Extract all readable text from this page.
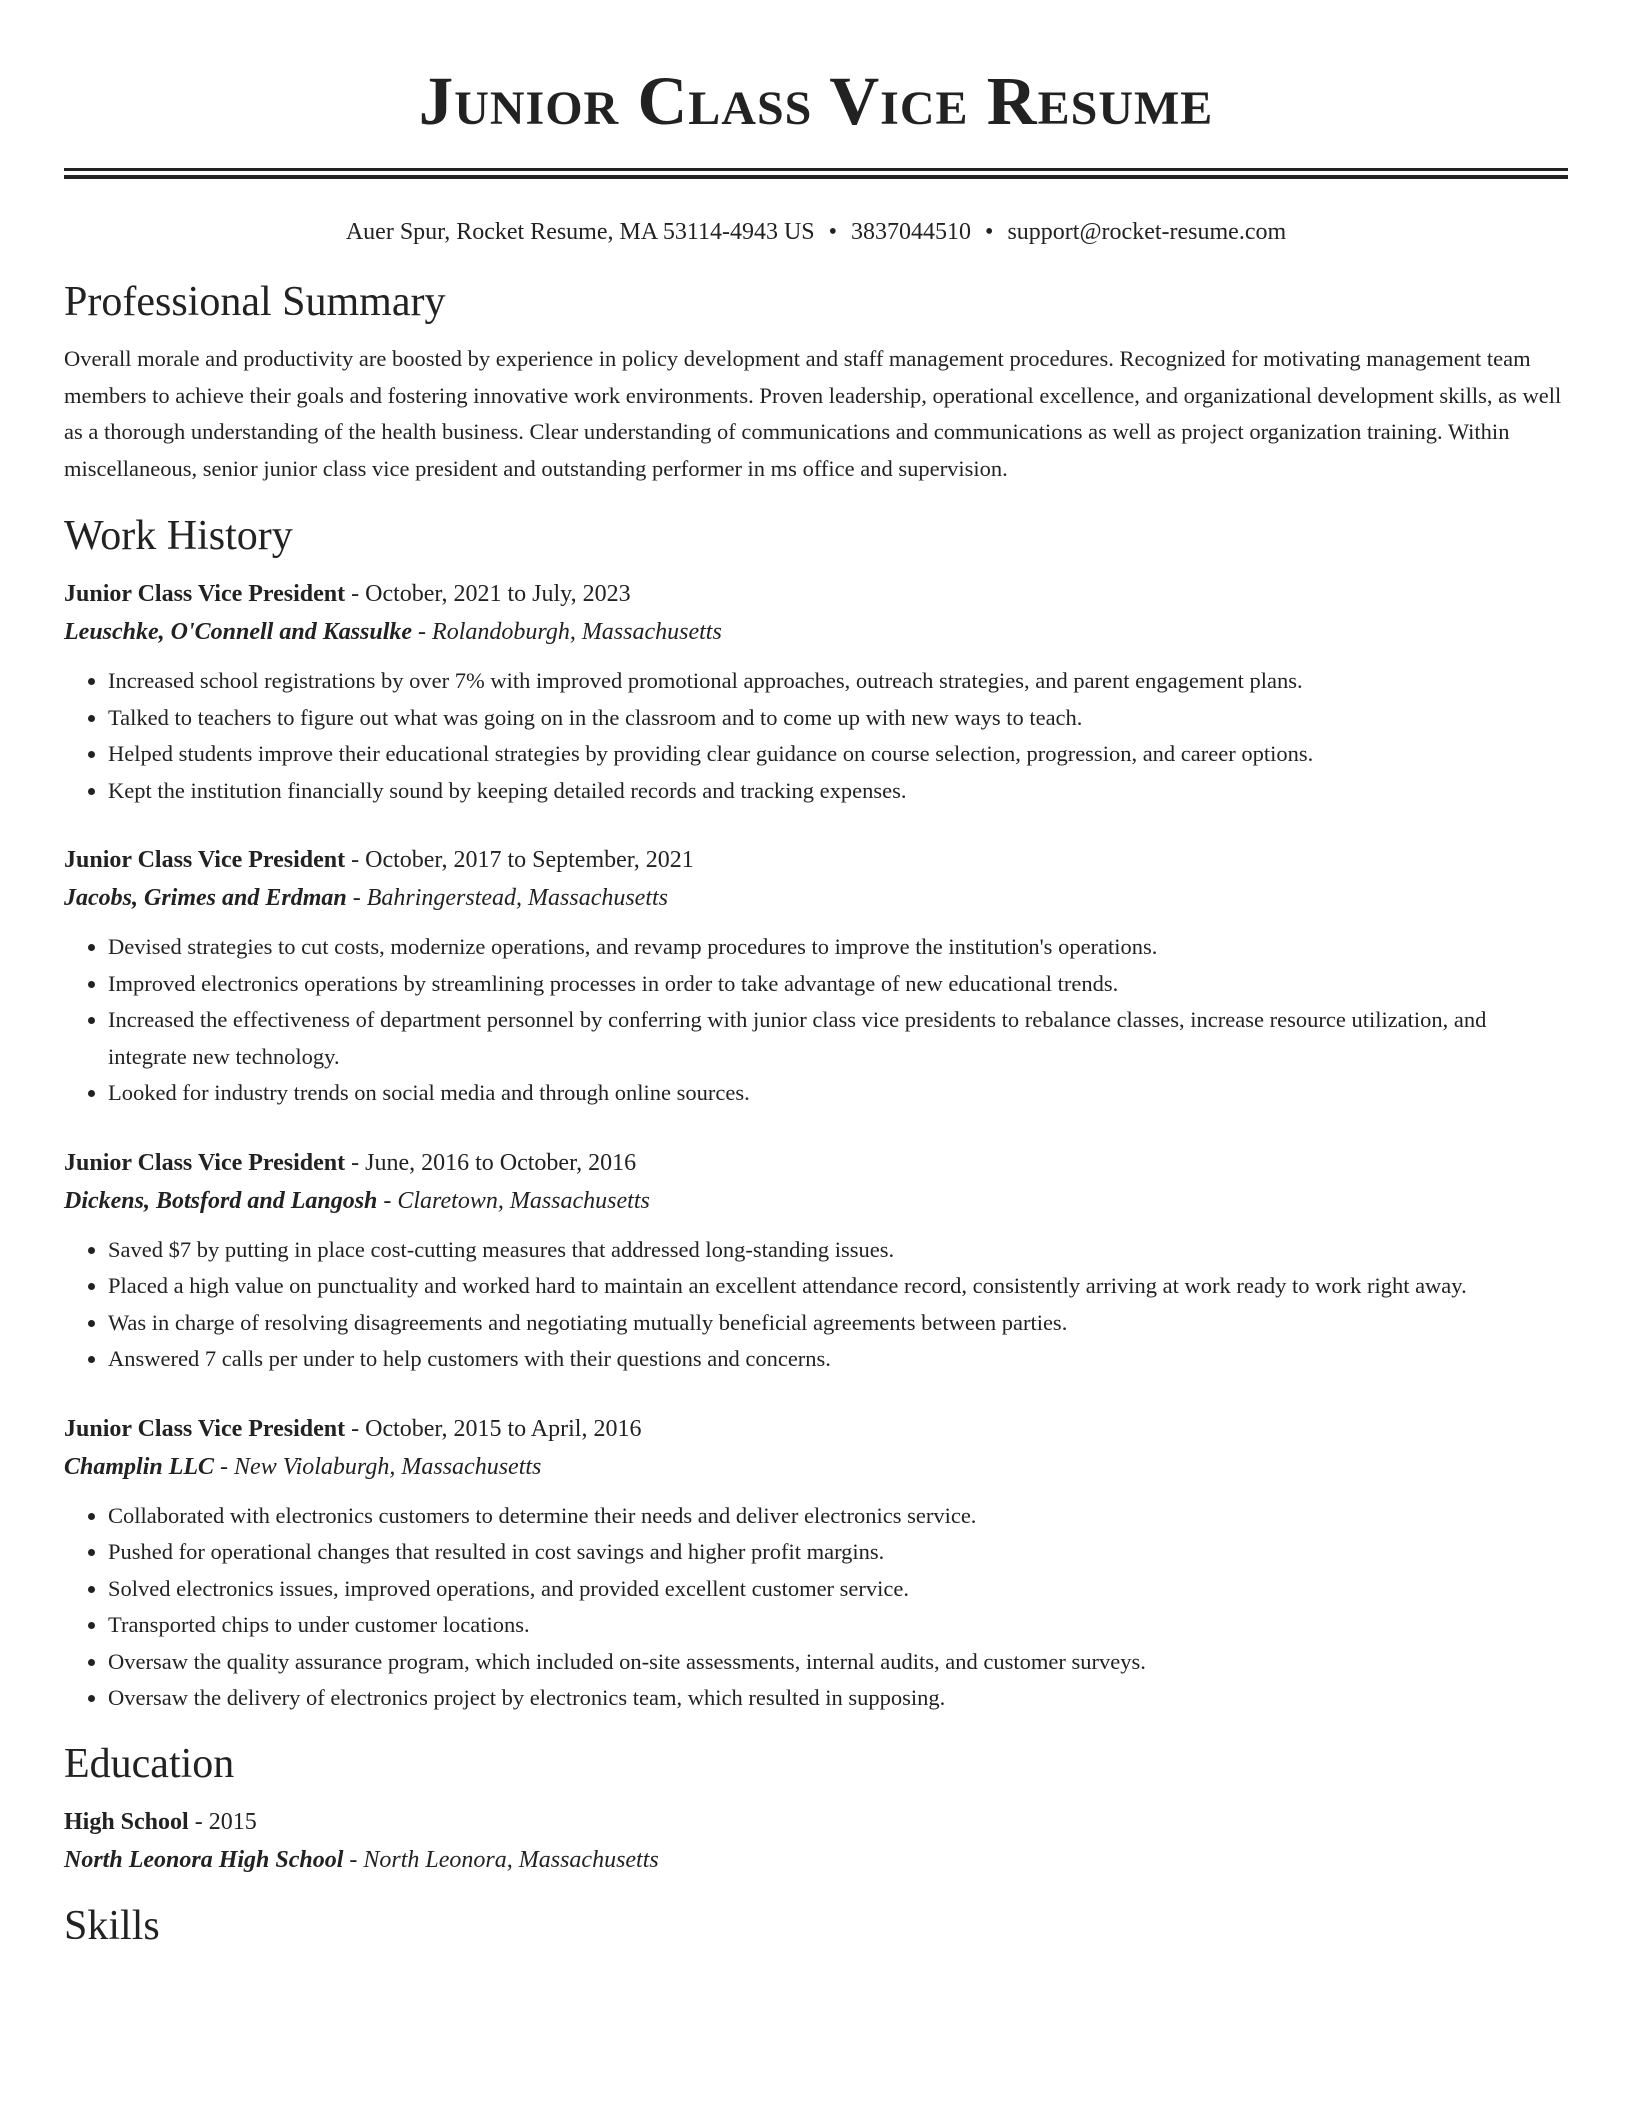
Junior Class Vice Resume
Auer Spur, Rocket Resume, MA 53114-4943 US • 3837044510 • support@rocket-resume.com
Professional Summary

Overall morale and productivity are boosted by experience in policy development and staff management procedures. Recognized for motivating management team members to achieve their goals and fostering innovative work environments. Proven leadership, operational excellence, and organizational development skills, as well as a thorough understanding of the health business. Clear understanding of communications and communications as well as project organization training. Within miscellaneous, senior junior class vice president and outstanding performer in ms office and supervision.

Work History
Junior Class Vice President - October, 2021 to July, 2023
Leuschke, O'Connell and Kassulke - Rolandoburgh, Massachusetts
• Increased school registrations by over 7% with improved promotional approaches, outreach strategies, and parent engagement plans.
• Talked to teachers to figure out what was going on in the classroom and to come up with new ways to teach.
• Helped students improve their educational strategies by providing clear guidance on course selection, progression, and career options.
• Kept the institution financially sound by keeping detailed records and tracking expenses.
Junior Class Vice President - October, 2017 to September, 2021
Jacobs, Grimes and Erdman - Bahringerstead, Massachusetts
• Devised strategies to cut costs, modernize operations, and revamp procedures to improve the institution's operations.
• Improved electronics operations by streamlining processes in order to take advantage of new educational trends.
• Increased the effectiveness of department personnel by conferring with junior class vice presidents to rebalance classes, increase resource utilization, and integrate new technology.
• Looked for industry trends on social media and through online sources.
Junior Class Vice President - June, 2016 to October, 2016
Dickens, Botsford and Langosh - Claretown, Massachusetts
• Saved $7 by putting in place cost-cutting measures that addressed long-standing issues.
• Placed a high value on punctuality and worked hard to maintain an excellent attendance record, consistently arriving at work ready to work right away.
• Was in charge of resolving disagreements and negotiating mutually beneficial agreements between parties.
• Answered 7 calls per under to help customers with their questions and concerns.
Junior Class Vice President - October, 2015 to April, 2016
Champlin LLC - New Violaburgh, Massachusetts
• Collaborated with electronics customers to determine their needs and deliver electronics service.
• Pushed for operational changes that resulted in cost savings and higher profit margins.
• Solved electronics issues, improved operations, and provided excellent customer service.
• Transported chips to under customer locations.
• Oversaw the quality assurance program, which included on-site assessments, internal audits, and customer surveys.
• Oversaw the delivery of electronics project by electronics team, which resulted in supposing.
Education
High School - 2015
North Leonora High School - North Leonora, Massachusetts
Skills
